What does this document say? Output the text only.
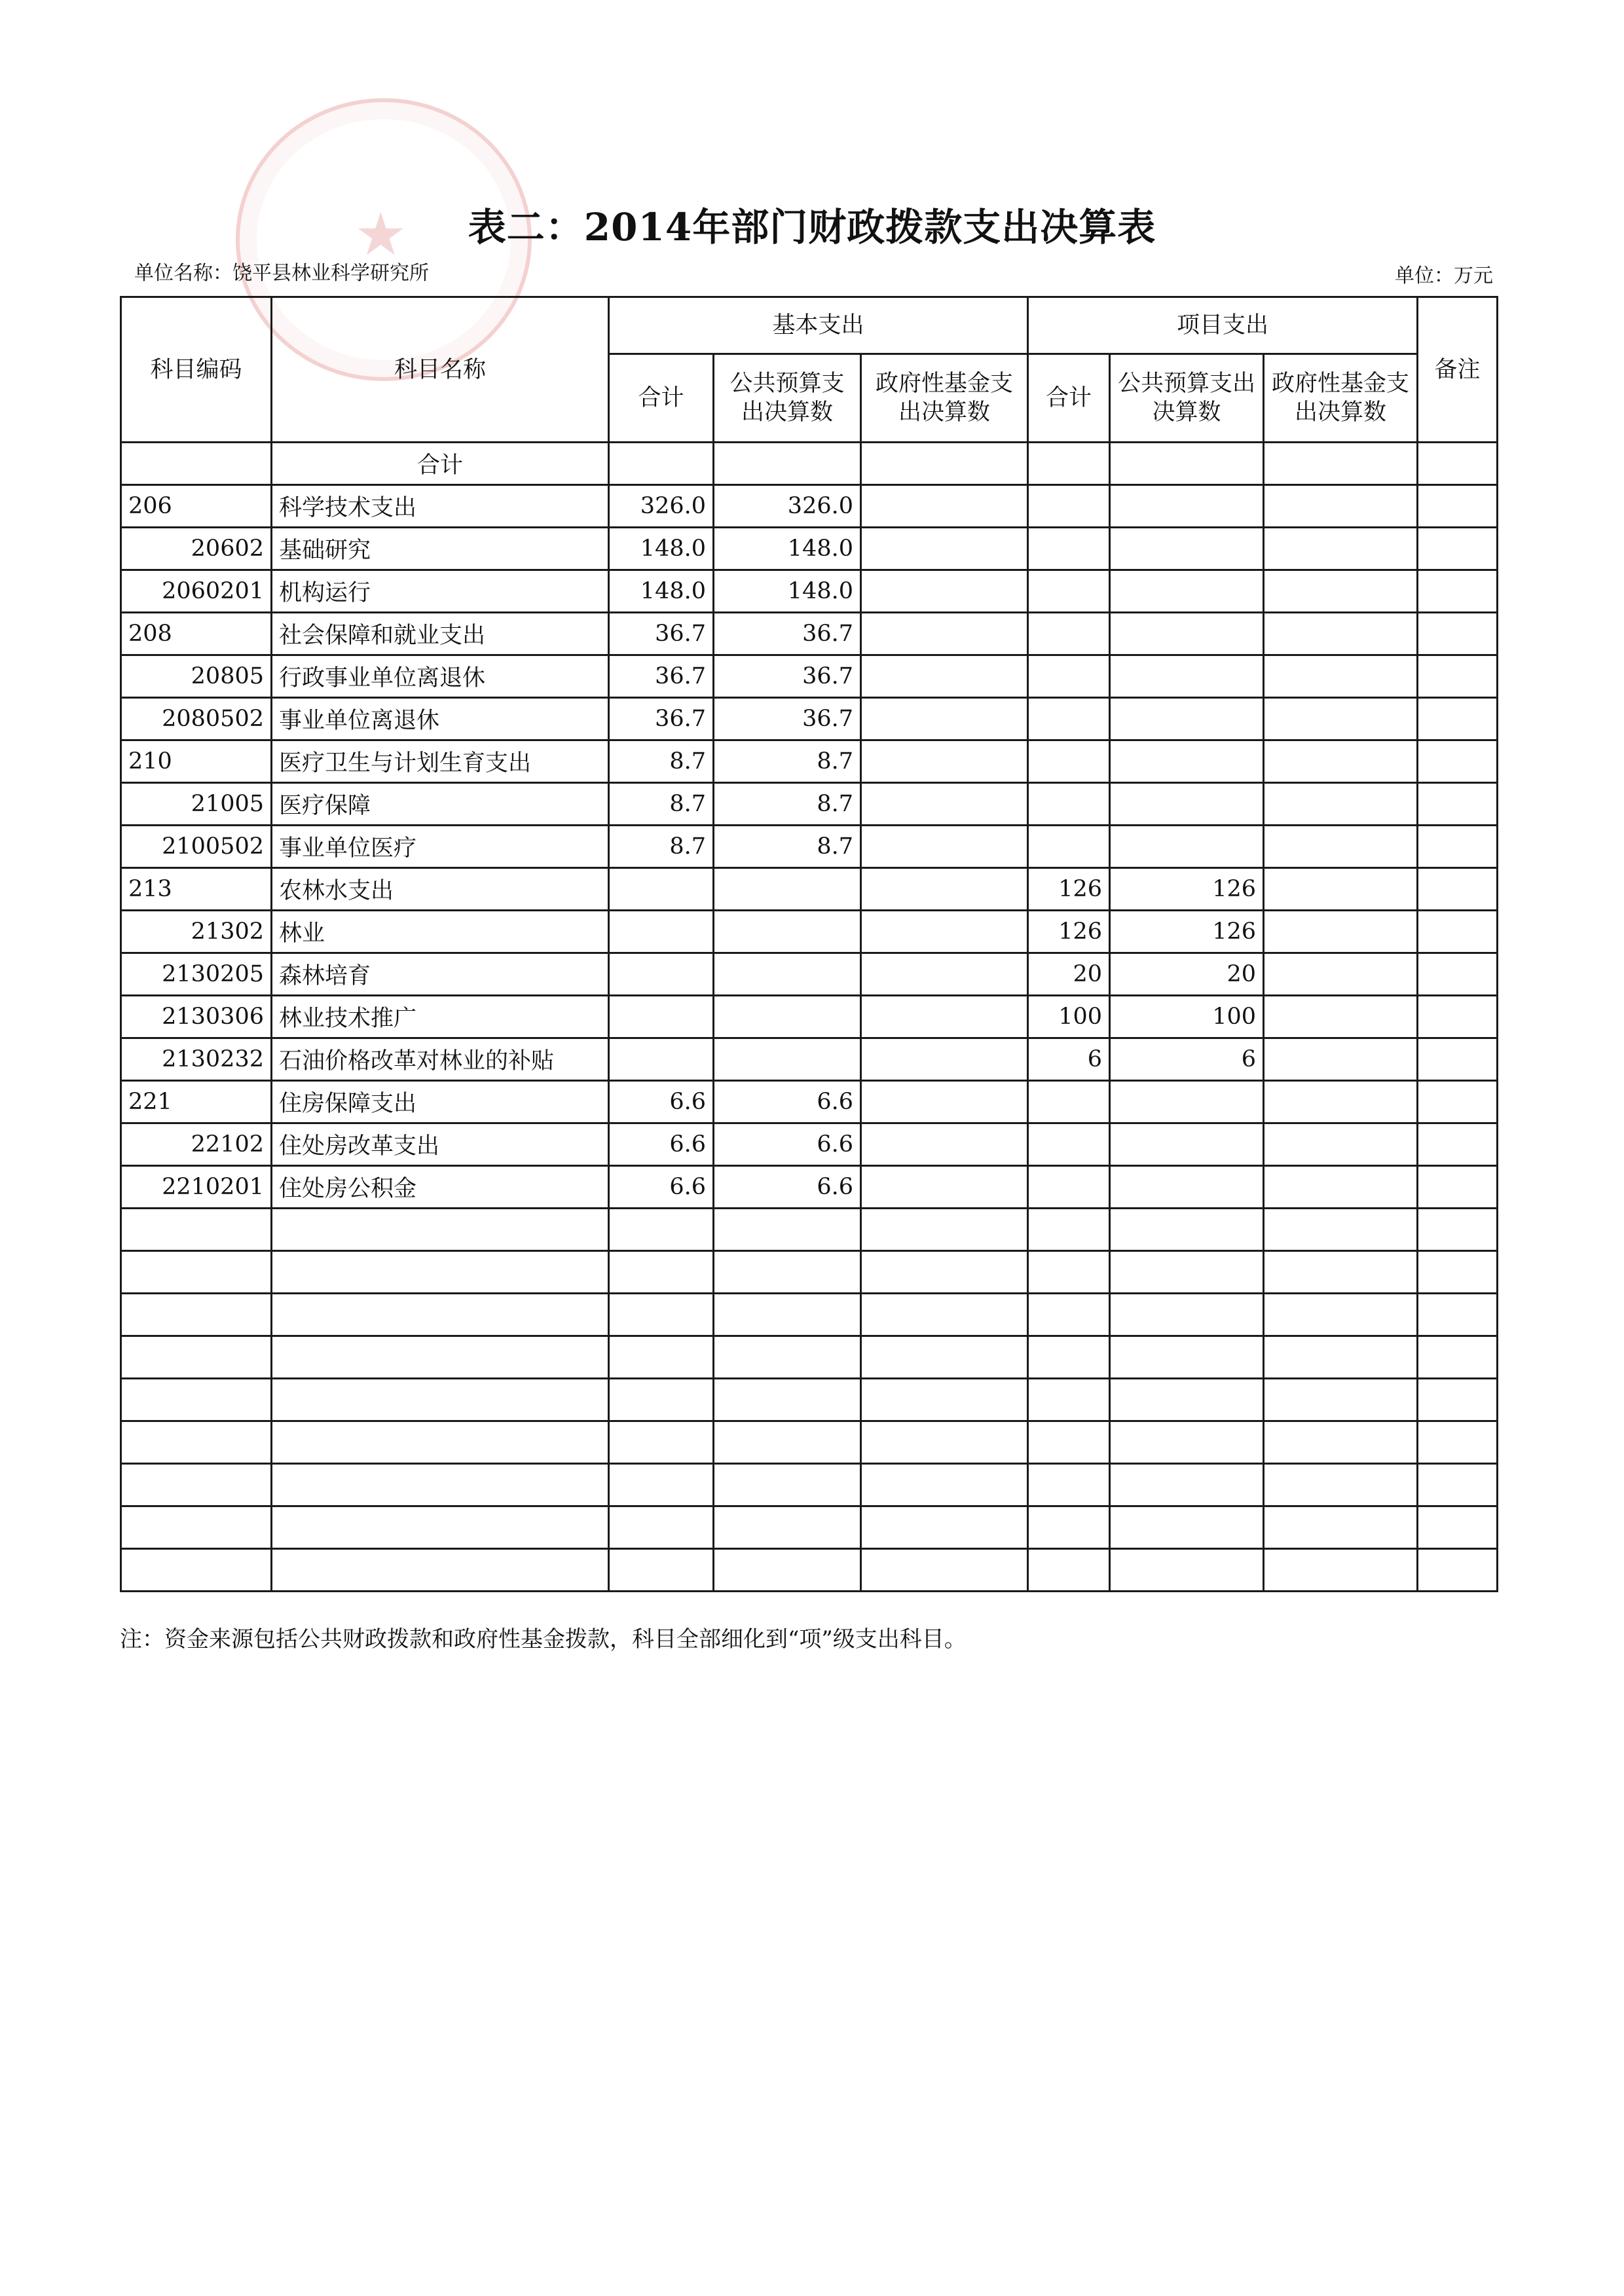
★	表二：2014年部门财政拨款支出决算表
单位名称：饶平县林业科学研究所	单位：万元
科目编码	科目名称	基本支出			项目支出			备注
		合计	公共预算支出决算数	政府性基金支出决算数	合计	公共预算支出决算数	政府性基金支出决算数	
	合计							
206	科学技术支出	326.0	326.0					
20602	基础研究	148.0	148.0					
2060201	机构运行	148.0	148.0					
208	社会保障和就业支出	36.7	36.7					
20805	行政事业单位离退休	36.7	36.7					
2080502	事业单位离退休	36.7	36.7					
210	医疗卫生与计划生育支出	8.7	8.7					
21005	医疗保障	8.7	8.7					
2100502	事业单位医疗	8.7	8.7					
213	农林水支出				126	126		
21302	林业				126	126		
2130205	森林培育				20	20		
2130306	林业技术推广				100	100		
2130232	石油价格改革对林业的补贴				6	6		
221	住房保障支出	6.6	6.6					
22102	住处房改革支出	6.6	6.6					
2210201	住处房公积金	6.6	6.6					

注：资金来源包括公共财政拨款和政府性基金拨款，科目全部细化到“项”级支出科目。
